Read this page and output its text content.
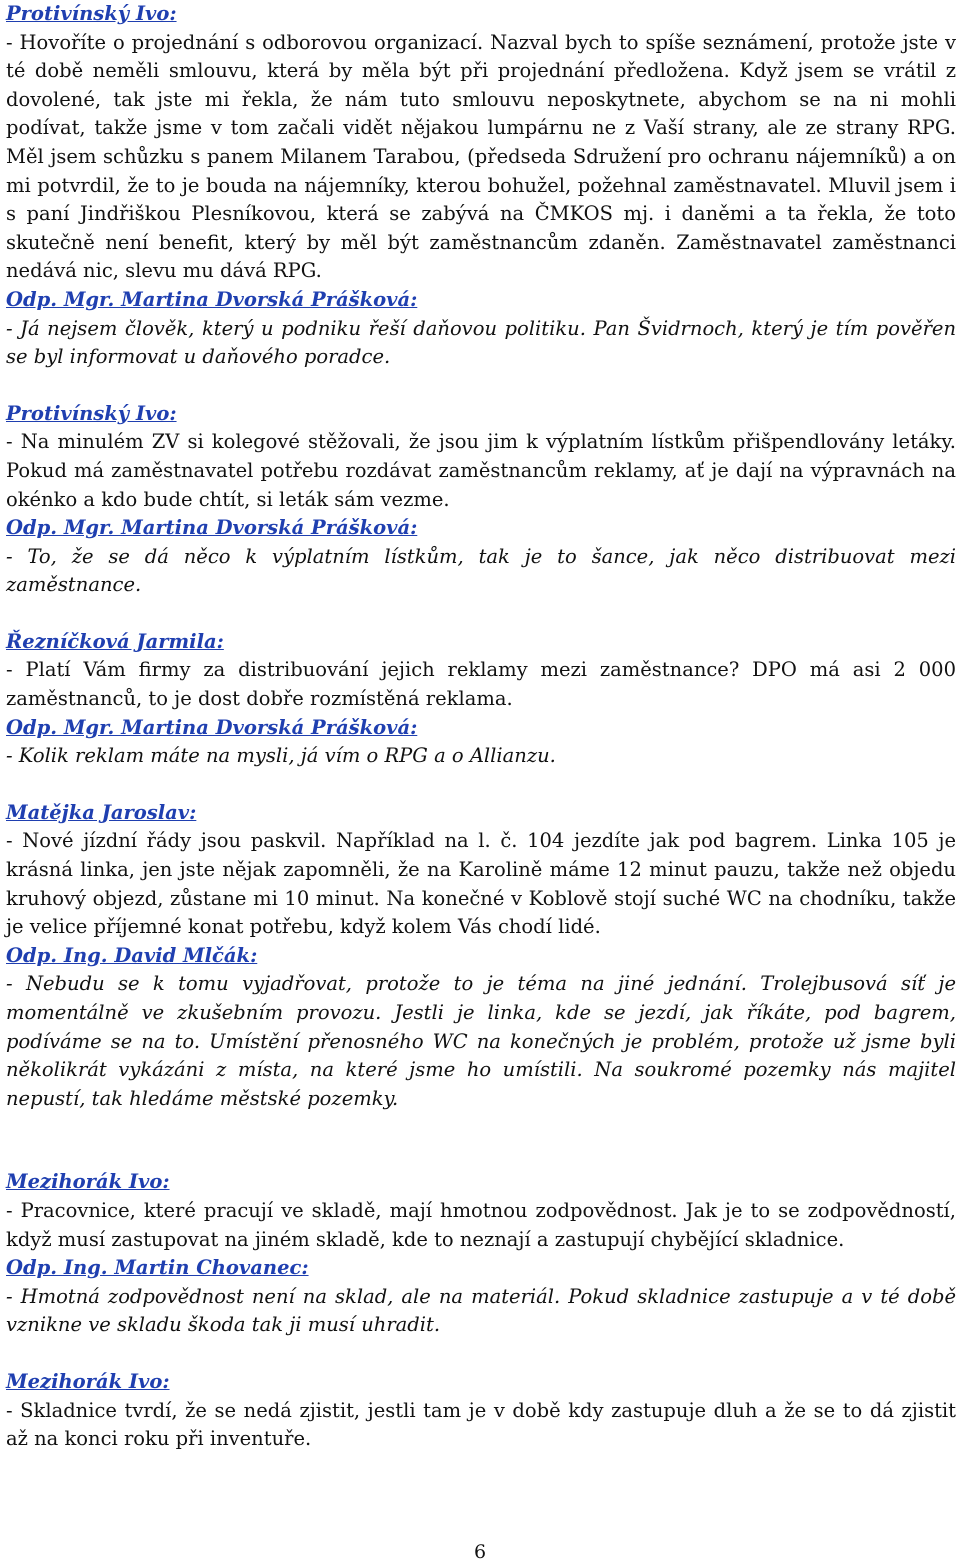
Protivínský Ivo:

- Hovoříte o projednání s odborovou organizací. Nazval bych to spíše seznámení, protože jste v té době neměli smlouvu, která by měla být při projednání předložena. Když jsem se vrátil z dovolené, tak jste mi řekla, že nám tuto smlouvu neposkytnete, abychom se na ni mohli podívat, takže jsme v tom začali vidět nějakou lumpárnu ne z Vaší strany, ale ze strany RPG. Měl jsem schůzku s panem Milanem Tarabou, (předseda Sdružení pro ochranu nájemníků) a on mi potvrdil, že to je bouda na nájemníky, kterou bohužel, požehnal zaměstnavatel. Mluvil jsem i s paní Jindřiškou Plesníkovou, která se zabývá na ČMKOS mj. i daněmi a ta řekla, že toto skutečně není benefit, který by měl být zaměstnancům zdaněn. Zaměstnavatel zaměstnanci nedává nic, slevu mu dává RPG.

Odp. Mgr. Martina Dvorská Prášková:

- Já nejsem člověk, který u podniku řeší daňovou politiku. Pan Švidrnoch, který je tím pověřen se byl informovat u daňového poradce.

Protivínský Ivo:

- Na minulém ZV si kolegové stěžovali, že jsou jim k výplatním lístkům přišpendlovány letáky. Pokud má zaměstnavatel potřebu rozdávat zaměstnancům reklamy, ať je dají na výpravnách na okénko a kdo bude chtít, si leták sám vezme.

Odp. Mgr. Martina Dvorská Prášková:

- To, že se dá něco k výplatním lístkům, tak je to šance, jak něco distribuovat mezi zaměstnance.

Řezníčková Jarmila:

- Platí Vám firmy za distribuování jejich reklamy mezi zaměstnance? DPO má asi 2 000 zaměstnanců, to je dost dobře rozmístěná reklama.

Odp. Mgr. Martina Dvorská Prášková:

- Kolik reklam máte na mysli, já vím o RPG a o Allianzu.

Matějka Jaroslav:

- Nové jízdní řády jsou paskvil. Například na l. č. 104 jezdíte jak pod bagrem. Linka 105 je krásná linka, jen jste nějak zapomněli, že na Karolině máme 12 minut pauzu, takže než objedu kruhový objezd, zůstane mi 10 minut. Na konečné v Koblově stojí suché WC na chodníku, takže je velice příjemné konat potřebu, když kolem Vás chodí lidé.

Odp. Ing. David Mlčák:

- Nebudu se k tomu vyjadřovat, protože to je téma na jiné jednání. Trolejbusová síť je momentálně ve zkušebním provozu. Jestli je linka, kde se jezdí, jak říkáte, pod bagrem, podíváme se na to. Umístění přenosného WC na konečných je problém, protože už jsme byli několikrát vykázáni z místa, na které jsme ho umístili. Na soukromé pozemky nás majitel nepustí, tak hledáme městské pozemky.

Mezihorák Ivo:

- Pracovnice, které pracují ve skladě, mají hmotnou zodpovědnost. Jak je to se zodpovědností, když musí zastupovat na jiném skladě, kde to neznají a zastupují chybějící skladnice.

Odp. Ing. Martin Chovanec:

- Hmotná zodpovědnost není na sklad, ale na materiál. Pokud skladnice zastupuje a v té době vznikne ve skladu škoda tak ji musí uhradit.

Mezihorák Ivo:

- Skladnice tvrdí, že se nedá zjistit, jestli tam je v době kdy zastupuje dluh a že se to dá zjistit až na konci roku při inventuře.

6
